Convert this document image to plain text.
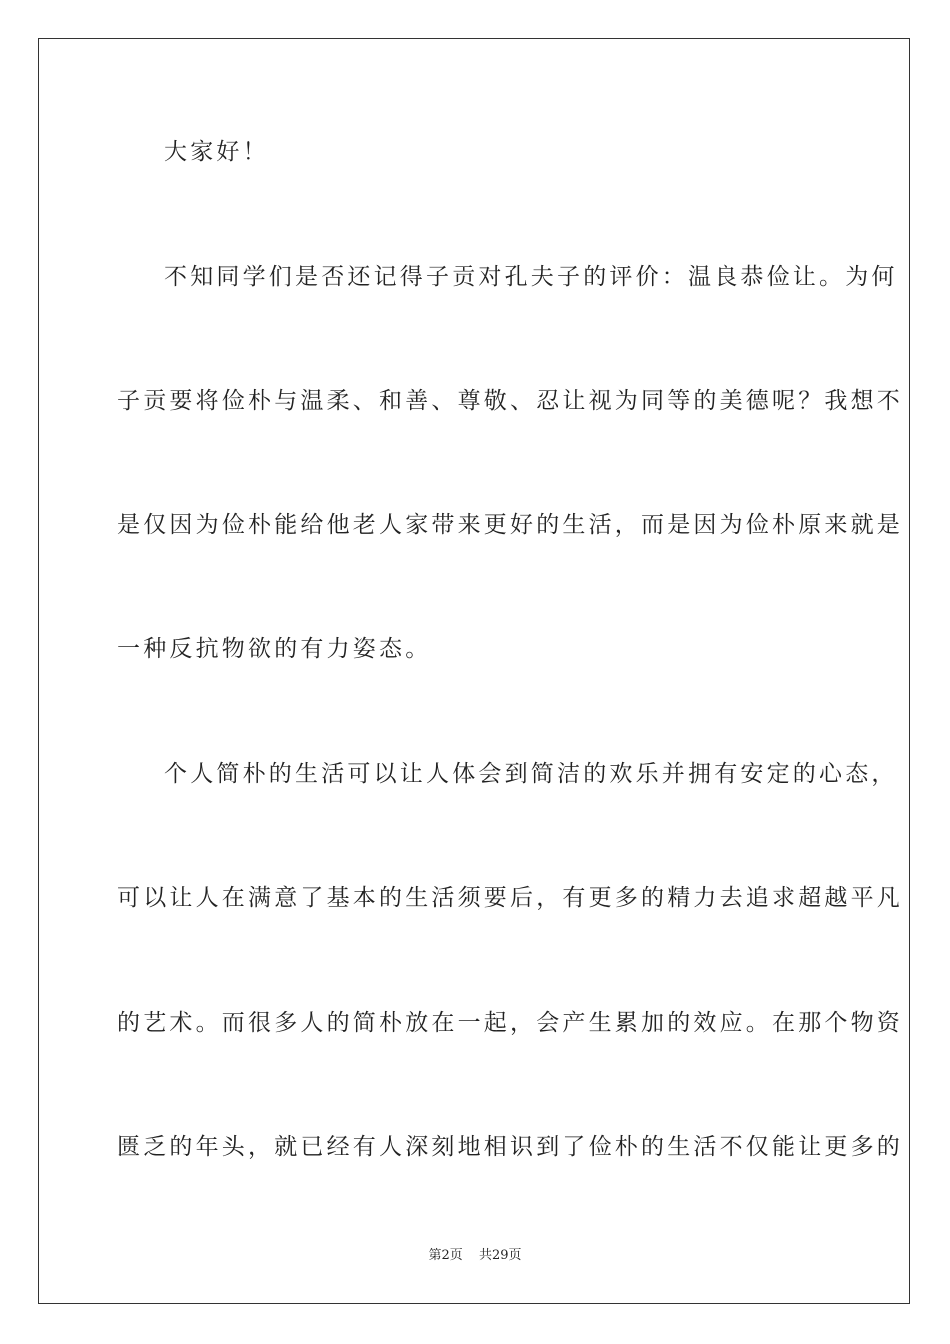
大家好！
不知同学们是否还记得子贡对孔夫子的评价：温良恭俭让。为何
子贡要将俭朴与温柔、和善、尊敬、忍让视为同等的美德呢？我想不
是仅因为俭朴能给他老人家带来更好的生活，而是因为俭朴原来就是
一种反抗物欲的有力姿态。
个人简朴的生活可以让人体会到简洁的欢乐并拥有安定的心态，
可以让人在满意了基本的生活须要后，有更多的精力去追求超越平凡
的艺术。而很多人的简朴放在一起，会产生累加的效应。在那个物资
匮乏的年头，就已经有人深刻地相识到了俭朴的生活不仅能让更多的
第2页 共29页
